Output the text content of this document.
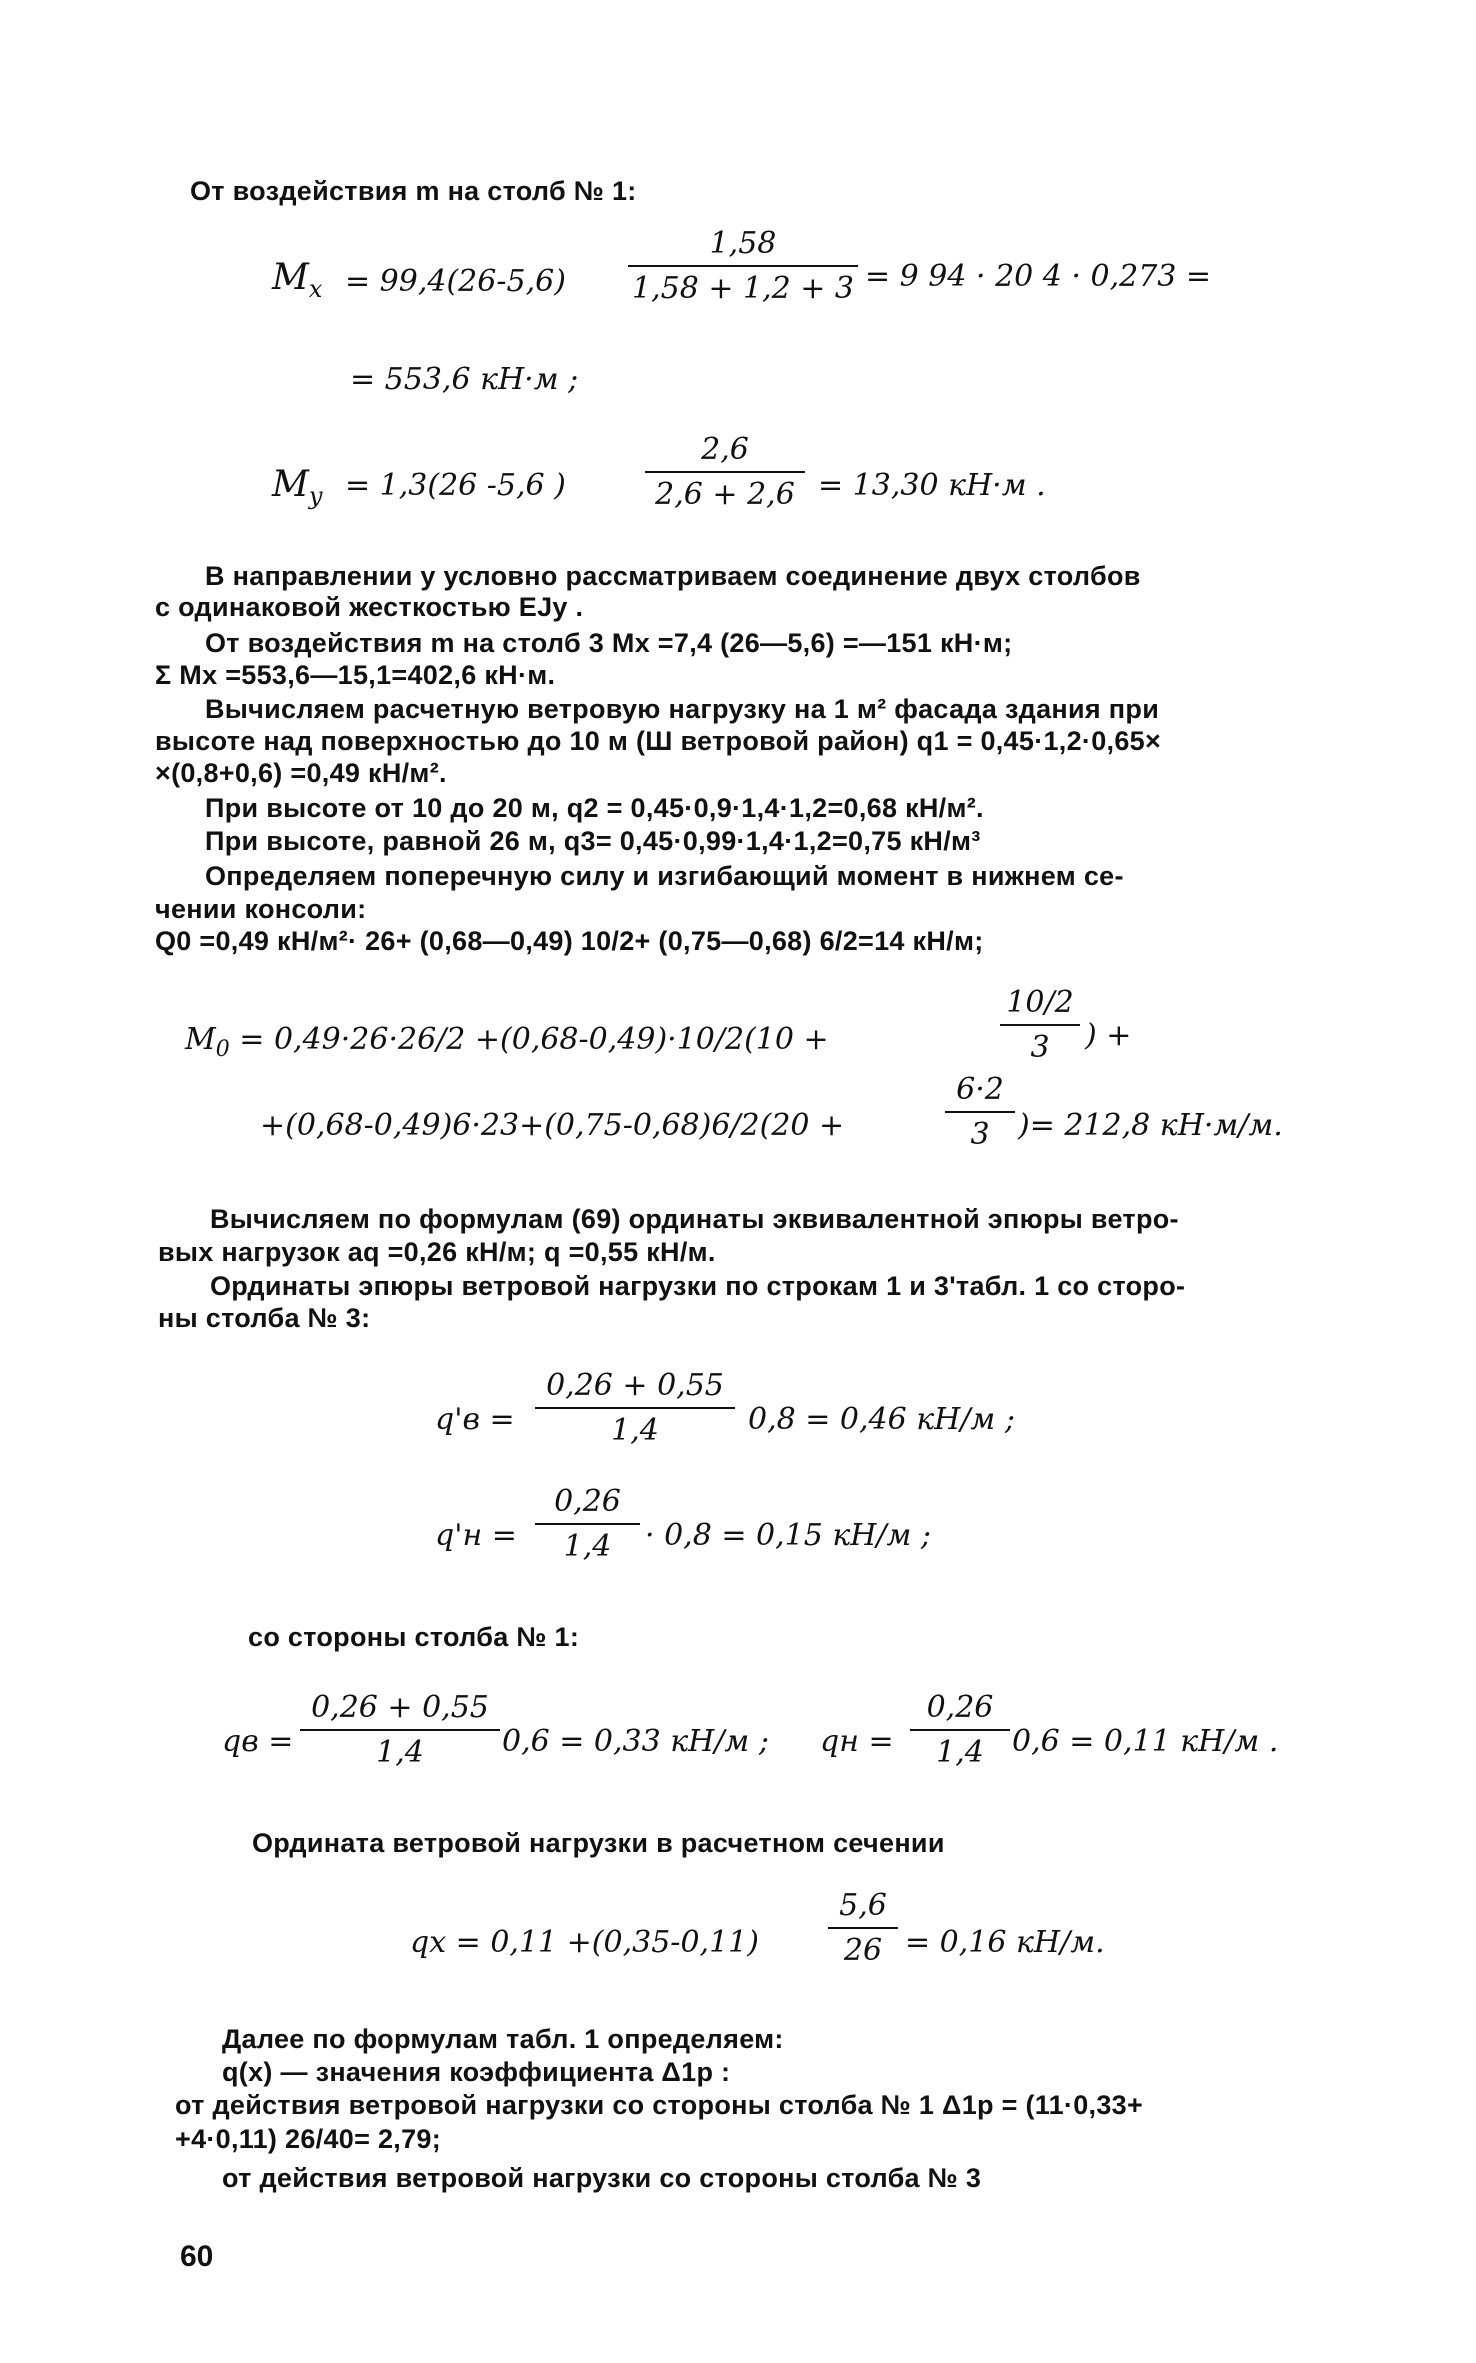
От воздействия m на столб № 1:
$M_x = 99,4(26-5,6) \frac{1,58}{1,58 + 1,2 + 3} = 9$ 94 · 20 4 · 0,273 =
= 553,6 кН·м ;
$M_y = 1,3(26$ -5,6 )	$\frac{2,6}{2,6 + 2,6} = 13,30$ кН·м .
В направлении y условно рассматриваем соединение двух столбов
с одинаковой жесткостью EJy .
От воздействия m на столб 3 Mx =7,4 (26—5,6) =—151 кН·м;
Σ Mx =553,6—15,1=402,6 кН·м.
Вычисляем расчетную ветровую нагрузку на 1 м² фасада здания при
высоте над поверхностью до 10 м (Ш ветровой район) q1 = 0,45·1,2·0,65×
×(0,8+0,6) =0,49 кН/м².
При высоте от 10 до 20 м, q2 = 0,45·0,9·1,4·1,2=0,68 кН/м².
При высоте, равной 26 м, q3= 0,45·0,99·1,4·1,2=0,75 кН/м³
Определяем поперечную силу и изгибающий момент в нижнем се-
чении консоли:
Q0 =0,49 кН/м²· 26+ (0,68—0,49) 10/2+ (0,75—0,68) 6/2=14 кН/м;
$M_0 = 0,49\cdot 26\cdot 26/2 +(0,68-0,49)\cdot 10/2(10$ +	$\frac{10/2}{3}$ ) +
+(0,68-0,49)6·23+(0,75-0,68)6/2(20 +	$\frac{6\cdot 2}{3}$ )= 212,8 кН·м/м.
Вычисляем по формулам (69) ординаты эквивалентной эпюры ветро-
вых нагрузок aq =0,26 кН/м; q =0,55 кН/м.
Ординаты эпюры ветровой нагрузки по строкам 1 и 3'табл. 1 со сторо-
ны столба № 3:
$q'в = \frac{0,26 + 0,55}{1,4} 0,8 = 0,46$ кН/м ;
$q'н = \frac{0,26}{1,4} \cdot 0,8 = 0,15$ кН/м ;
со стороны столба № 1:
qв = $\frac{0,26 + 0,55}{1,4} 0,6 = 0,33$ кН/м ; qн = $\frac{0,26}{1,4} 0,6 = 0,11$ кН/м .
Ордината ветровой нагрузки в расчетном сечении
qx = $0,11 +(0,35-0,11) \frac{5,6}{26} = 0,16$ кН/м.
Далее по формулам табл. 1 определяем:
q(x) — значения коэффициента Δ1p :
от действия ветровой нагрузки со стороны столба № 1 Δ1p = (11·0,33+
+4·0,11) 26/40= 2,79;
от действия ветровой нагрузки со стороны столба № 3
60
